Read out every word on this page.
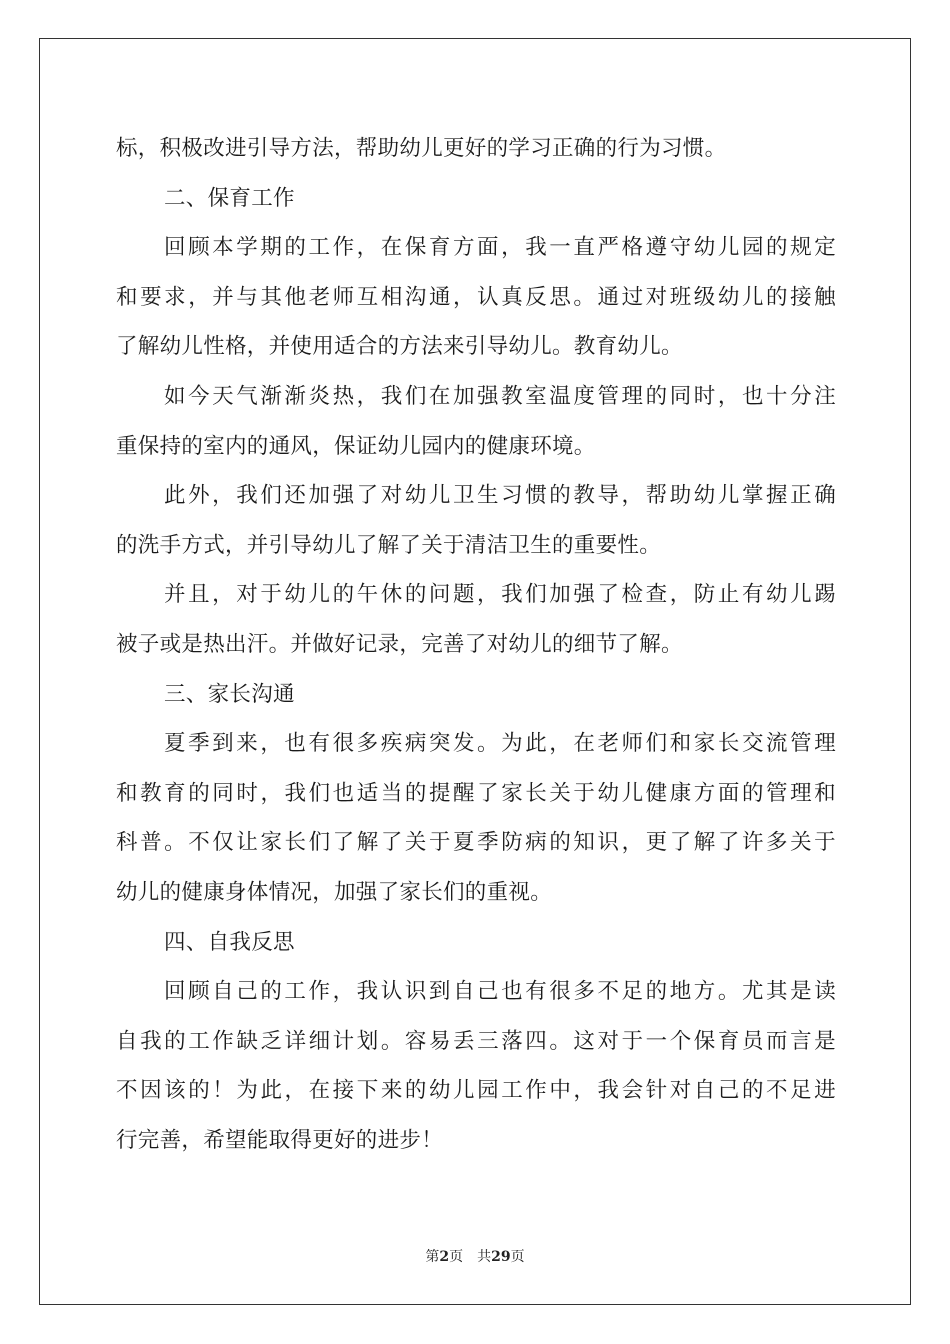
标，积极改进引导方法，帮助幼儿更好的学习正确的行为习惯。
二、保育工作
回顾本学期的工作，在保育方面，我一直严格遵守幼儿园的规定
和要求，并与其他老师互相沟通，认真反思。通过对班级幼儿的接触
了解幼儿性格，并使用适合的方法来引导幼儿。教育幼儿。
如今天气渐渐炎热，我们在加强教室温度管理的同时，也十分注
重保持的室内的通风，保证幼儿园内的健康环境。
此外，我们还加强了对幼儿卫生习惯的教导，帮助幼儿掌握正确
的洗手方式，并引导幼儿了解了关于清洁卫生的重要性。
并且，对于幼儿的午休的问题，我们加强了检查，防止有幼儿踢
被子或是热出汗。并做好记录，完善了对幼儿的细节了解。
三、家长沟通
夏季到来，也有很多疾病突发。为此，在老师们和家长交流管理
和教育的同时，我们也适当的提醒了家长关于幼儿健康方面的管理和
科普。不仅让家长们了解了关于夏季防病的知识，更了解了许多关于
幼儿的健康身体情况，加强了家长们的重视。
四、自我反思
回顾自己的工作，我认识到自己也有很多不足的地方。尤其是读
自我的工作缺乏详细计划。容易丢三落四。这对于一个保育员而言是
不因该的！为此，在接下来的幼儿园工作中，我会针对自己的不足进
行完善，希望能取得更好的进步！
第2页 共29页
